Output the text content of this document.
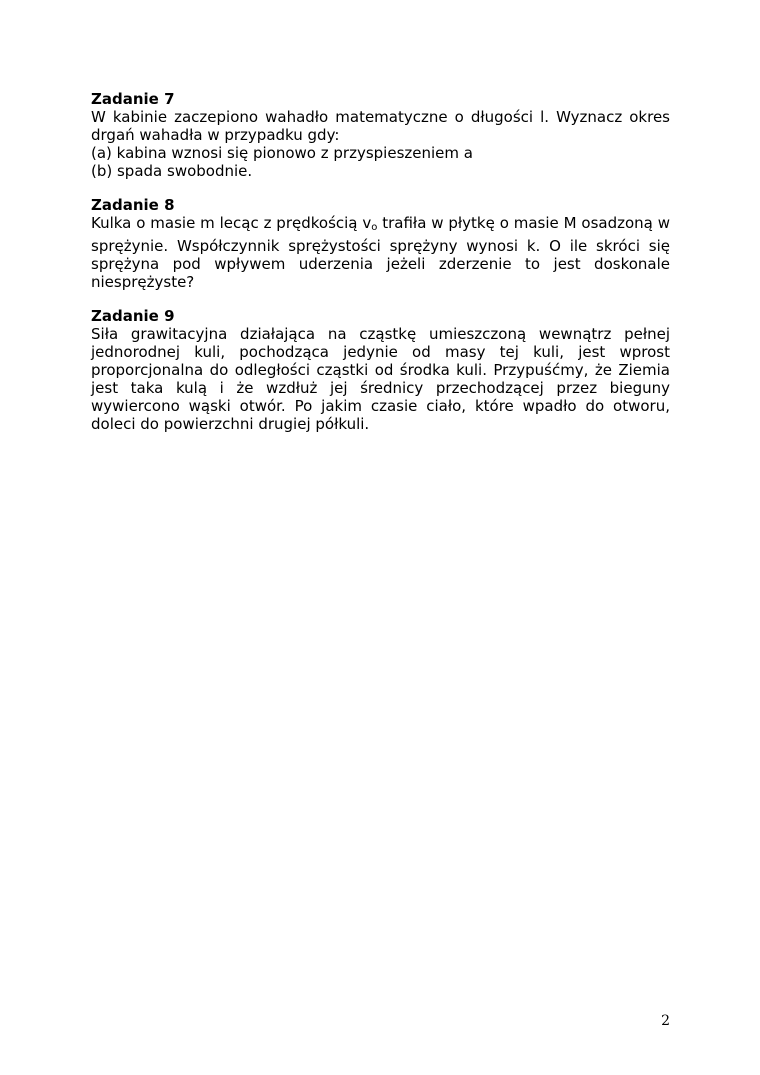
Zadanie 7

W kabinie zaczepiono wahadło matematyczne o długości l. Wyznacz okres drgań wahadła w przypadku gdy:

(a) kabina wznosi się pionowo z przyspieszeniem a

(b) spada swobodnie.

Zadanie 8

Kulka o masie m lecąc z prędkością $v_o$ trafiła w płytkę o masie M osadzoną w sprężynie. Współczynnik sprężystości sprężyny wynosi k. O ile skróci się sprężyna pod wpływem uderzenia jeżeli zderzenie to jest doskonale niesprężyste?

Zadanie 9

Siła grawitacyjna działająca na cząstkę umieszczoną wewnątrz pełnej jednorodnej kuli, pochodząca jedynie od masy tej kuli, jest wprost proporcjonalna do odległości cząstki od środka kuli. Przypuśćmy, że Ziemia jest taka kulą i że wzdłuż jej średnicy przechodzącej przez bieguny wywiercono wąski otwór. Po jakim czasie ciało, które wpadło do otworu, doleci do powierzchni drugiej półkuli.

2
